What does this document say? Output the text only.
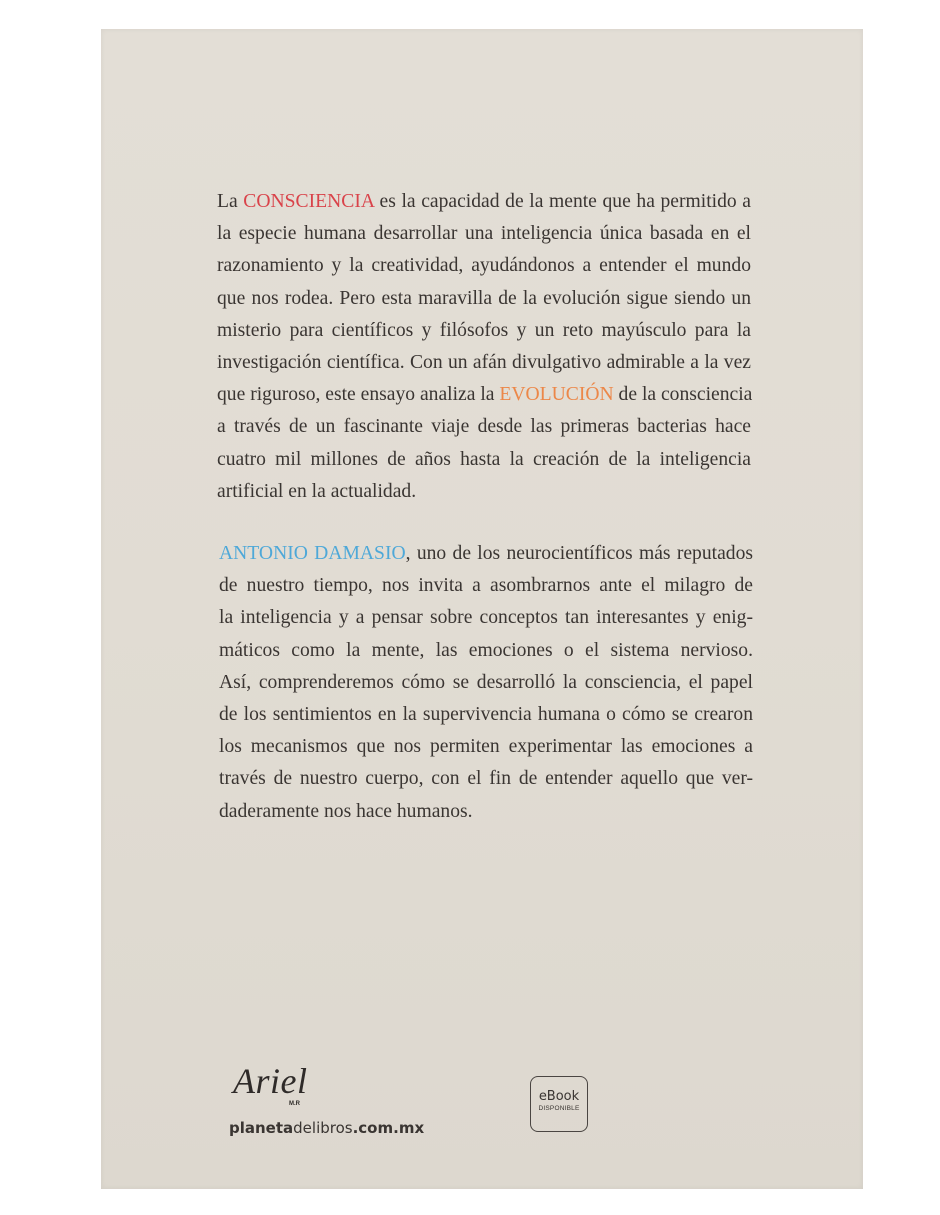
La CONSCIENCIA es la capacidad de la mente que ha permitido a
la especie humana desarrollar una inteligencia única basada en el
razonamiento y la creatividad, ayudándonos a entender el mundo
que nos rodea. Pero esta maravilla de la evolución sigue siendo un
misterio para científicos y filósofos y un reto mayúsculo para la
investigación científica. Con un afán divulgativo admirable a la vez
que riguroso, este ensayo analiza la EVOLUCIÓN de la consciencia
a través de un fascinante viaje desde las primeras bacterias hace
cuatro mil millones de años hasta la creación de la inteligencia
artificial en la actualidad.
ANTONIO DAMASIO, uno de los neurocientíficos más reputados
de nuestro tiempo, nos invita a asombrarnos ante el milagro de
la inteligencia y a pensar sobre conceptos tan interesantes y enig-
máticos como la mente, las emociones o el sistema nervioso.
Así, comprenderemos cómo se desarrolló la consciencia, el papel
de los sentimientos en la supervivencia humana o cómo se crearon
los mecanismos que nos permiten experimentar las emociones a
través de nuestro cuerpo, con el fin de entender aquello que ver-
daderamente nos hace humanos.
Ariel
M.R
planetadelibros.com.mx
eBook
DISPONIBLE
